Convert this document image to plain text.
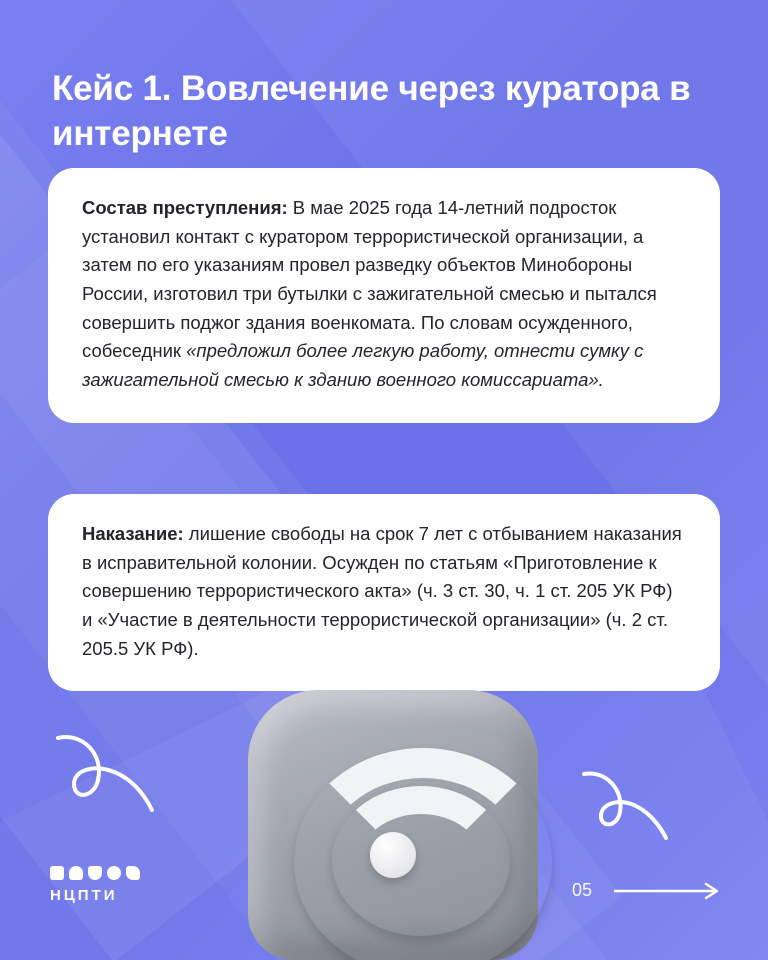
Кейс 1. Вовлечение через куратора в интернете

Состав преступления: В мае 2025 года 14-летний подросток установил контакт с куратором террористической организации, а затем по его указаниям провел разведку объектов Минобороны России, изготовил три бутылки с зажигательной смесью и пытался совершить поджог здания военкомата. По словам осужденного, собеседник «предложил более легкую работу, отнести сумку с зажигательной смесью к зданию военного комиссариата».

Наказание: лишение свободы на срок 7 лет с отбыванием наказания в исправительной колонии. Осужден по статьям «Приготовление к совершению террористического акта» (ч. 3 ст. 30, ч. 1 ст. 205 УК РФ) и «Участие в деятельности террористической организации» (ч. 2 ст. 205.5 УК РФ).

НЦПТИ	05
